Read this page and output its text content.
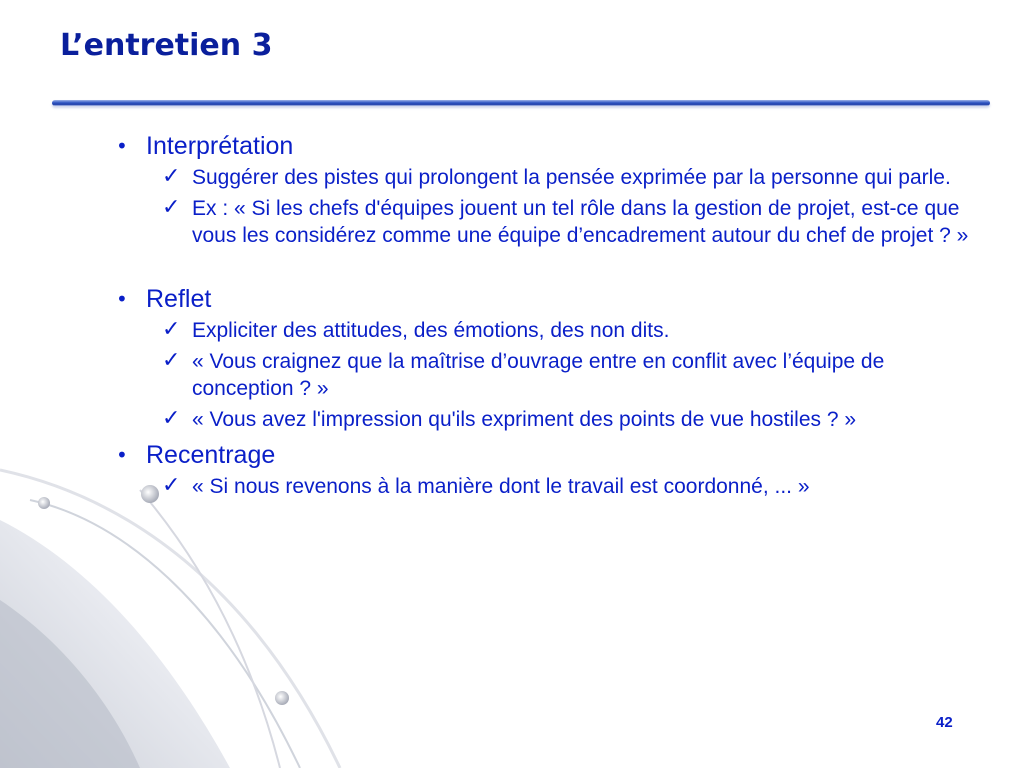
L’entretien 3
• Interprétation
✓ Suggérer des pistes qui prolongent la pensée exprimée par la personne qui parle.
✓ Ex : « Si les chefs d'équipes jouent un tel rôle dans la gestion de projet, est-ce que vous les considérez comme une équipe d’encadrement autour du chef de projet ? »
• Reflet
✓ Expliciter des attitudes, des émotions, des non dits.
✓ « Vous craignez que la maîtrise d’ouvrage entre en conflit avec l’équipe de conception ? »
✓ « Vous avez l'impression qu'ils expriment des points de vue hostiles ? »
• Recentrage
✓ « Si nous revenons à la manière dont le travail est coordonné, ... »
42
